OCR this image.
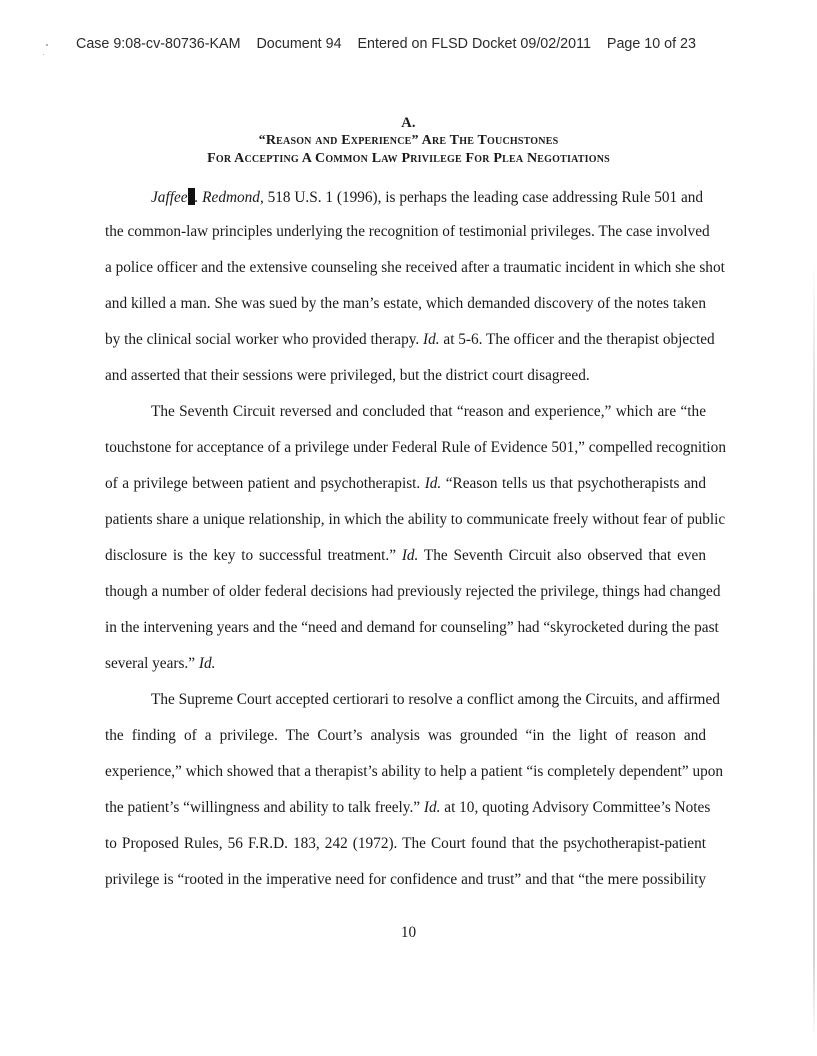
Case 9:08-cv-80736-KAM Document 94 Entered on FLSD Docket 09/02/2011 Page 10 of 23
A.
“Reason and Experience” Are The Touchstones
For Accepting A Common Law Privilege For Plea Negotiations
Jaffee . Redmond, 518 U.S. 1 (1996), is perhaps the leading case addressing Rule 501 and
the common-law principles underlying the recognition of testimonial privileges. The case involved
a police officer and the extensive counseling she received after a traumatic incident in which she shot
and killed a man. She was sued by the man’s estate, which demanded discovery of the notes taken
by the clinical social worker who provided therapy. Id. at 5-6. The officer and the therapist objected
and asserted that their sessions were privileged, but the district court disagreed.
The Seventh Circuit reversed and concluded that “reason and experience,” which are “the
touchstone for acceptance of a privilege under Federal Rule of Evidence 501,” compelled recognition
of a privilege between patient and psychotherapist. Id. “Reason tells us that psychotherapists and
patients share a unique relationship, in which the ability to communicate freely without fear of public
disclosure is the key to successful treatment.” Id. The Seventh Circuit also observed that even
though a number of older federal decisions had previously rejected the privilege, things had changed
in the intervening years and the “need and demand for counseling” had “skyrocketed during the past
several years.” Id.
The Supreme Court accepted certiorari to resolve a conflict among the Circuits, and affirmed
the finding of a privilege. The Court’s analysis was grounded “in the light of reason and
experience,” which showed that a therapist’s ability to help a patient “is completely dependent” upon
the patient’s “willingness and ability to talk freely.” Id. at 10, quoting Advisory Committee’s Notes
to Proposed Rules, 56 F.R.D. 183, 242 (1972). The Court found that the psychotherapist-patient
privilege is “rooted in the imperative need for confidence and trust” and that “the mere possibility
10
